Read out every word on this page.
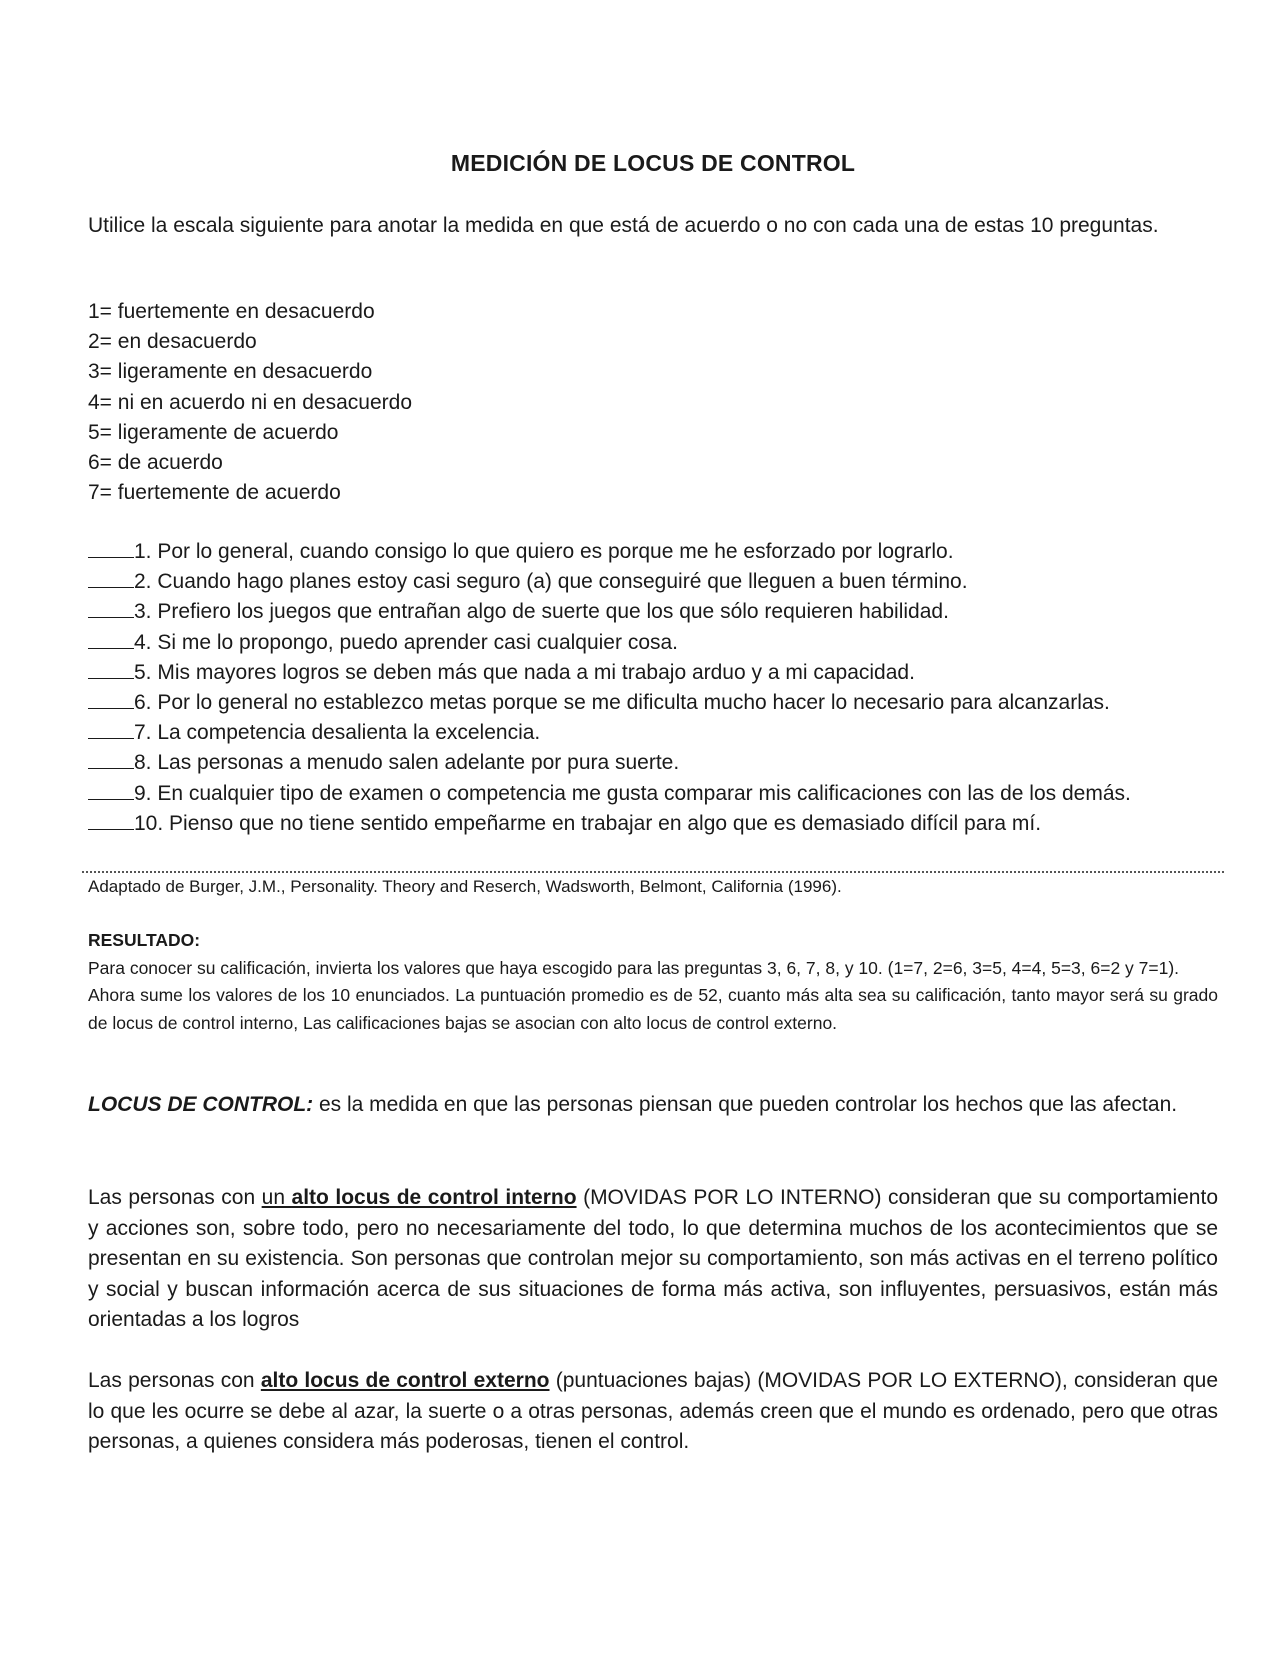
MEDICIÓN DE LOCUS DE CONTROL
Utilice la escala siguiente para anotar la medida en que está de acuerdo o no con cada una de estas 10 preguntas.
1= fuertemente en desacuerdo
2= en desacuerdo
3= ligeramente en desacuerdo
4= ni en acuerdo ni en desacuerdo
5= ligeramente de acuerdo
6= de acuerdo
7= fuertemente de acuerdo
1. Por lo general, cuando consigo lo que quiero es porque me he esforzado por lograrlo.
2. Cuando hago planes estoy casi seguro (a) que conseguiré que lleguen a buen término.
3. Prefiero los juegos que entrañan algo de suerte que los que sólo requieren habilidad.
4. Si me lo propongo, puedo aprender casi cualquier cosa.
5. Mis mayores logros se deben más que nada a mi trabajo arduo y a mi capacidad.
6. Por lo general no establezco metas porque se me dificulta mucho hacer lo necesario para alcanzarlas.
7. La competencia desalienta la excelencia.
8. Las personas a menudo salen adelante por pura suerte.
9. En cualquier tipo de examen o competencia me gusta comparar mis calificaciones con las de los demás.
10. Pienso que no tiene sentido empeñarme en trabajar en algo que es demasiado difícil para mí.
Adaptado de Burger, J.M., Personality. Theory and Reserch, Wadsworth, Belmont, California (1996).
RESULTADO:

Para conocer su calificación, invierta los valores que haya escogido para las preguntas 3, 6, 7, 8, y 10. (1=7, 2=6, 3=5, 4=4, 5=3, 6=2 y 7=1).

Ahora sume los valores de los 10 enunciados. La puntuación promedio es de 52, cuanto más alta sea su calificación, tanto mayor será su grado de locus de control interno, Las calificaciones bajas se asocian con alto locus de control externo.

LOCUS DE CONTROL: es la medida en que las personas piensan que pueden controlar los hechos que las afectan.
Las personas con un alto locus de control interno (MOVIDAS POR LO INTERNO) consideran que su comportamiento y acciones son, sobre todo, pero no necesariamente del todo, lo que determina muchos de los acontecimientos que se presentan en su existencia. Son personas que controlan mejor su comportamiento, son más activas en el terreno político y social y buscan información acerca de sus situaciones de forma más activa, son influyentes, persuasivos, están más orientadas a los logros
Las personas con alto locus de control externo (puntuaciones bajas) (MOVIDAS POR LO EXTERNO), consideran que lo que les ocurre se debe al azar, la suerte o a otras personas, además creen que el mundo es ordenado, pero que otras personas, a quienes considera más poderosas, tienen el control.
